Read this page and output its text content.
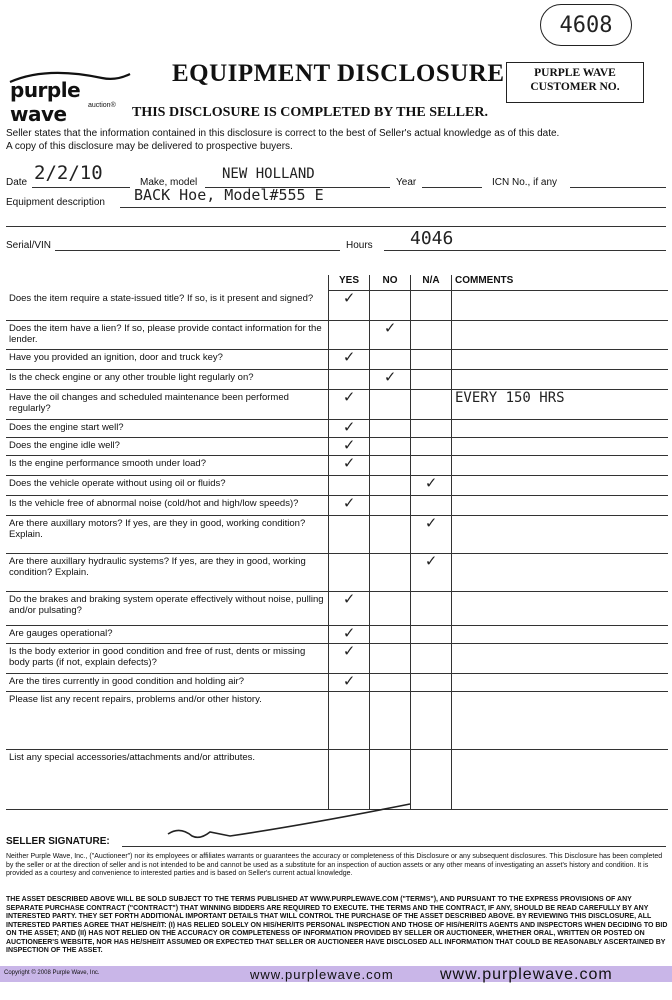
4608
purple wave	auction®
EQUIPMENT DISCLOSURE
THIS DISCLOSURE IS COMPLETED BY THE SELLER.
PURPLE WAVE
CUSTOMER NO.
Seller states that the information contained in this disclosure is correct to the best of Seller's actual knowledge as of this date.
A copy of this disclosure may be delivered to prospective buyers.
Date 2/2/10	Make, model
NEW HOLLAND
Year	ICN No., if any
Equipment description BACK Hoe, Model#555 E
Serial/VIN	Hours 4046
	YES	NO	N/A	COMMENTS
Does the item require a state-issued title? If so, is it present and signed?	✓			
Does the item have a lien? If so, please provide contact information for the lender.		✓		
Have you provided an ignition, door and truck key?	✓			
Is the check engine or any other trouble light regularly on?		✓		
Have the oil changes and scheduled maintenance been performed regularly?	✓			EVERY 150 HRS
Does the engine start well?	✓			
Does the engine idle well?	✓			
Is the engine performance smooth under load?	✓			
Does the vehicle operate without using oil or fluids?			✓	
Is the vehicle free of abnormal noise (cold/hot and high/low speeds)?	✓			
Are there auxillary motors? If yes, are they in good, working condition? Explain.			✓	
Are there auxillary hydraulic systems? If yes, are they in good, working condition? Explain.			✓	
Do the brakes and braking system operate effectively without noise, pulling and/or pulsating?	✓			
Are gauges operational?	✓			
Is the body exterior in good condition and free of rust, dents or missing body parts (if not, explain defects)?	✓			
Are the tires currently in good condition and holding air?	✓			
Please list any recent repairs, problems and/or other history.				
List any special accessories/attachments and/or attributes.				
SELLER SIGNATURE:
Neither Purple Wave, Inc., ("Auctioneer") nor its employees or affiliates warrants or guarantees the accuracy or completeness of this Disclosure or any subsequent disclosures. This Disclosure has been completed by the seller or at the direction of seller and is not intended to be and cannot be used as a substitute for an inspection of auction assets or any other means of investigating an asset's history and condition. It is provided as a courtesy and convenience to interested parties and is based on Seller's current actual knowledge.
THE ASSET DESCRIBED ABOVE WILL BE SOLD SUBJECT TO THE TERMS PUBLISHED AT WWW.PURPLEWAVE.COM ("TERMS"), AND PURSUANT TO THE EXPRESS PROVISIONS OF ANY SEPARATE PURCHASE CONTRACT ("CONTRACT") THAT WINNING BIDDERS ARE REQUIRED TO EXECUTE. THE TERMS AND THE CONTRACT, IF ANY, SHOULD BE READ CAREFULLY BY ANY INTERESTED PARTY. THEY SET FORTH ADDITIONAL IMPORTANT DETAILS THAT WILL CONTROL THE PURCHASE OF THE ASSET DESCRIBED ABOVE. BY REVIEWING THIS DISCLOSURE, ALL INTERESTED PARTIES AGREE THAT HE/SHE/IT: (I) HAS RELIED SOLELY ON HIS/HER/ITS PERSONAL INSPECTION AND THOSE OF HIS/HER/ITS AGENTS AND INSPECTORS WHEN DECIDING TO BID ON THE ASSET; AND (II) HAS NOT RELIED ON THE ACCURACY OR COMPLETENESS OF INFORMATION PROVIDED BY SELLER OR AUCTIONEER, WHETHER ORAL, WRITTEN OR POSTED ON AUCTIONEER'S WEBSITE, NOR HAS HE/SHE/IT ASSUMED OR EXPECTED THAT SELLER OR AUCTIONEER HAVE DISCLOSED ALL INFORMATION THAT COULD BE REASONABLY ASCERTAINED BY INSPECTION OF THE ASSET.
Copyright © 2008 Purple Wave, Inc.	www.purplewave.com	www.purplewave.com
